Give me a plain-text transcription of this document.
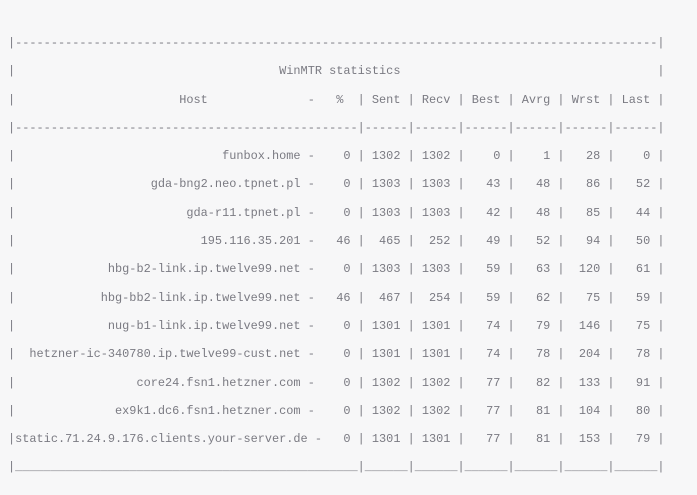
|------------------------------------------------------------------------------------------|
|                                     WinMTR statistics                                    |
|                       Host              -   %  | Sent | Recv | Best | Avrg | Wrst | Last |
|------------------------------------------------|------|------|------|------|------|------|
|                             funbox.home -    0 | 1302 | 1302 |    0 |    1 |   28 |    0 |
|                   gda-bng2.neo.tpnet.pl -    0 | 1303 | 1303 |   43 |   48 |   86 |   52 |
|                        gda-r11.tpnet.pl -    0 | 1303 | 1303 |   42 |   48 |   85 |   44 |
|                          195.116.35.201 -   46 |  465 |  252 |   49 |   52 |   94 |   50 |
|             hbg-b2-link.ip.twelve99.net -    0 | 1303 | 1303 |   59 |   63 |  120 |   61 |
|            hbg-bb2-link.ip.twelve99.net -   46 |  467 |  254 |   59 |   62 |   75 |   59 |
|             nug-b1-link.ip.twelve99.net -    0 | 1301 | 1301 |   74 |   79 |  146 |   75 |
|  hetzner-ic-340780.ip.twelve99-cust.net -    0 | 1301 | 1301 |   74 |   78 |  204 |   78 |
|                 core24.fsn1.hetzner.com -    0 | 1302 | 1302 |   77 |   82 |  133 |   91 |
|              ex9k1.dc6.fsn1.hetzner.com -    0 | 1302 | 1302 |   77 |   81 |  104 |   80 |
|static.71.24.9.176.clients.your-server.de -   0 | 1301 | 1301 |   77 |   81 |  153 |   79 |
|________________________________________________|______|______|______|______|______|______|
